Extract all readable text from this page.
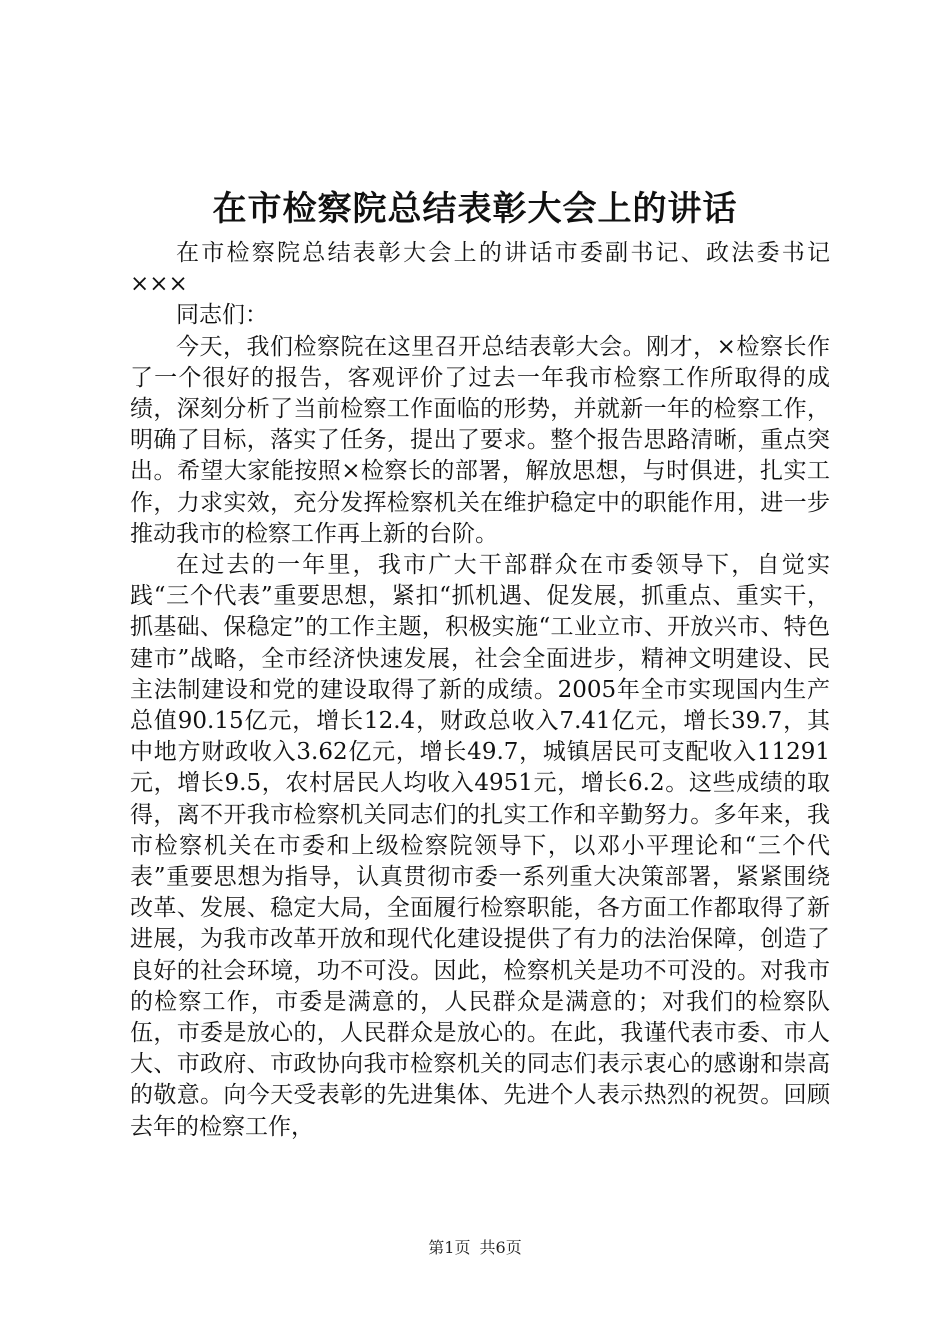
在市检察院总结表彰大会上的讲话

在市检察院总结表彰大会上的讲话市委副书记、政法委书记×××

同志们：

今天，我们检察院在这里召开总结表彰大会。刚才，×检察长作了一个很好的报告，客观评价了过去一年我市检察工作所取得的成绩，深刻分析了当前检察工作面临的形势，并就新一年的检察工作，明确了目标，落实了任务，提出了要求。整个报告思路清晰，重点突出。希望大家能按照×检察长的部署，解放思想，与时俱进，扎实工作，力求实效，充分发挥检察机关在维护稳定中的职能作用，进一步推动我市的检察工作再上新的台阶。

在过去的一年里，我市广大干部群众在市委领导下，自觉实践“三个代表”重要思想，紧扣“抓机遇、促发展，抓重点、重实干，抓基础、保稳定”的工作主题，积极实施“工业立市、开放兴市、特色建市”战略，全市经济快速发展，社会全面进步，精神文明建设、民主法制建设和党的建设取得了新的成绩。2005年全市实现国内生产总值90.15亿元，增长12.4，财政总收入7.41亿元，增长39.7，其中地方财政收入3.62亿元，增长49.7，城镇居民可支配收入11291元，增长9.5，农村居民人均收入4951元，增长6.2。这些成绩的取得，离不开我市检察机关同志们的扎实工作和辛勤努力。多年来，我市检察机关在市委和上级检察院领导下，以邓小平理论和“三个代表”重要思想为指导，认真贯彻市委一系列重大决策部署，紧紧围绕改革、发展、稳定大局，全面履行检察职能，各方面工作都取得了新进展，为我市改革开放和现代化建设提供了有力的法治保障，创造了良好的社会环境，功不可没。因此，检察机关是功不可没的。对我市的检察工作，市委是满意的，人民群众是满意的；对我们的检察队伍，市委是放心的，人民群众是放心的。在此，我谨代表市委、市人大、市政府、市政协向我市检察机关的同志们表示衷心的感谢和崇高的敬意。向今天受表彰的先进集体、先进个人表示热烈的祝贺。回顾去年的检察工作，

第1页 共6页
